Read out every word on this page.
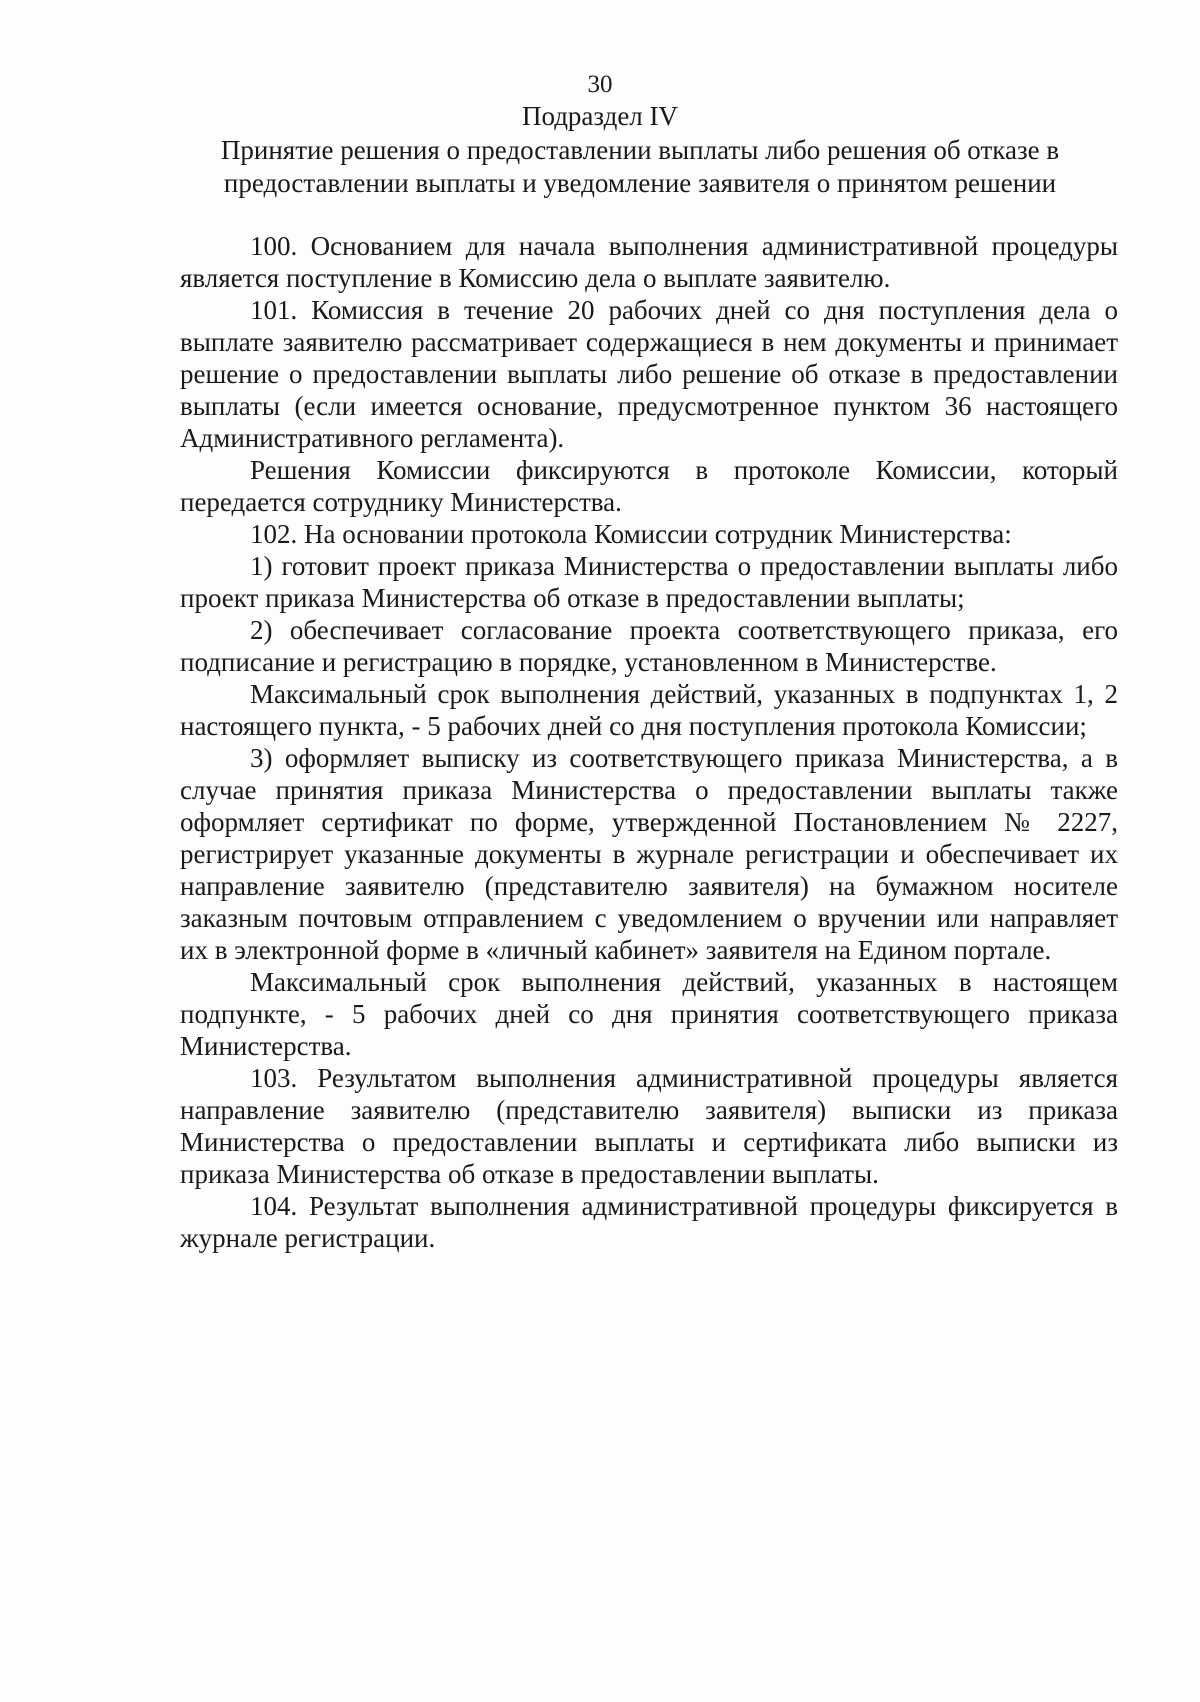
30
Подраздел IV
Принятие решения о предоставлении выплаты либо решения об отказе в предоставлении выплаты и уведомление заявителя о принятом решении

100. Основанием для начала выполнения административной процедуры является поступление в Комиссию дела о выплате заявителю.

101. Комиссия в течение 20 рабочих дней со дня поступления дела о выплате заявителю рассматривает содержащиеся в нем документы и принимает решение о предоставлении выплаты либо решение об отказе в предоставлении выплаты (если имеется основание, предусмотренное пунктом 36 настоящего Административного регламента).

Решения Комиссии фиксируются в протоколе Комиссии, который передается сотруднику Министерства.

102. На основании протокола Комиссии сотрудник Министерства:

1) готовит проект приказа Министерства о предоставлении выплаты либо проект приказа Министерства об отказе в предоставлении выплаты;

2) обеспечивает согласование проекта соответствующего приказа, его подписание и регистрацию в порядке, установленном в Министерстве.

Максимальный срок выполнения действий, указанных в подпунктах 1, 2 настоящего пункта, - 5 рабочих дней со дня поступления протокола Комиссии;

3) оформляет выписку из соответствующего приказа Министерства, а в случае принятия приказа Министерства о предоставлении выплаты также оформляет сертификат по форме, утвержденной Постановлением № 2227, регистрирует указанные документы в журнале регистрации и обеспечивает их направление заявителю (представителю заявителя) на бумажном носителе заказным почтовым отправлением с уведомлением о вручении или направляет их в электронной форме в «личный кабинет» заявителя на Едином портале.

Максимальный срок выполнения действий, указанных в настоящем подпункте, - 5 рабочих дней со дня принятия соответствующего приказа Министерства.

103. Результатом выполнения административной процедуры является направление заявителю (представителю заявителя) выписки из приказа Министерства о предоставлении выплаты и сертификата либо выписки из приказа Министерства об отказе в предоставлении выплаты.

104. Результат выполнения административной процедуры фиксируется в журнале регистрации.
